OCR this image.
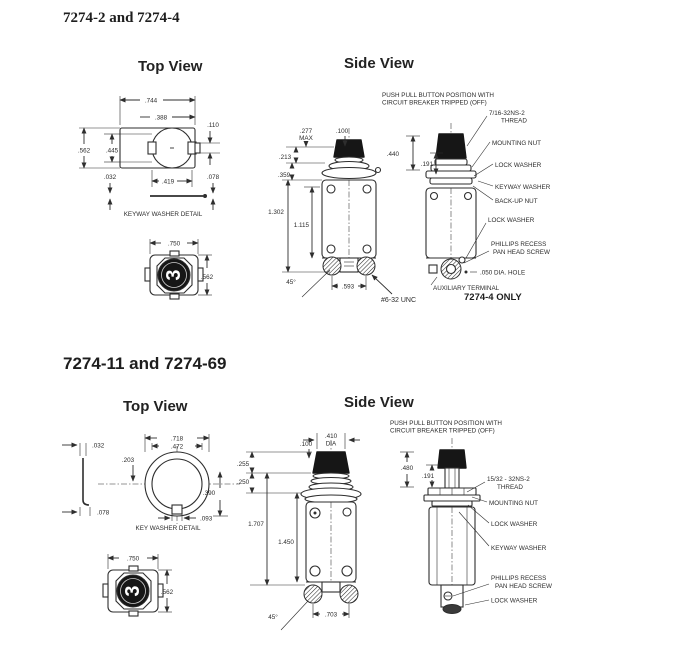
7274-2 and 7274-4
Top View	Side View
.744
.388
.110
.562 .445
.419
.032	.078
KEYWAY WASHER DETAIL
.750
3	.562
.277
MAX
.100
.213
.359
1.302
1.115
45°
.593
#6-32 UNC
PUSH PULL BUTTON POSITION WITH
CIRCUIT BREAKER TRIPPED (OFF)
.440
.191
7/16-32NS-2
THREAD
MOUNTING NUT
LOCK WASHER
KEYWAY WASHER
BACK-UP NUT
LOCK WASHER
PHILLIPS RECESS
PAN HEAD SCREW
.050 DIA. HOLE
AUXILIARY TERMINAL
7274-4 ONLY
7274-11 and 7274-69
Top View	Side View
.032
.078
.718
.472
.203
.390
.093
KEY WASHER DETAIL
.750
3	.562
.410
DIA
.100
.255
.250
1.707
1.450
45°	.703
PUSH PULL BUTTON POSITION WITH
CIRCUIT BREAKER TRIPPED (OFF)
.480
.191	15/32 - 32NS-2
THREAD
MOUNTING NUT
LOCK WASHER
KEYWAY WASHER
PHILLIPS RECESS
PAN HEAD SCREW
LOCK WASHER
